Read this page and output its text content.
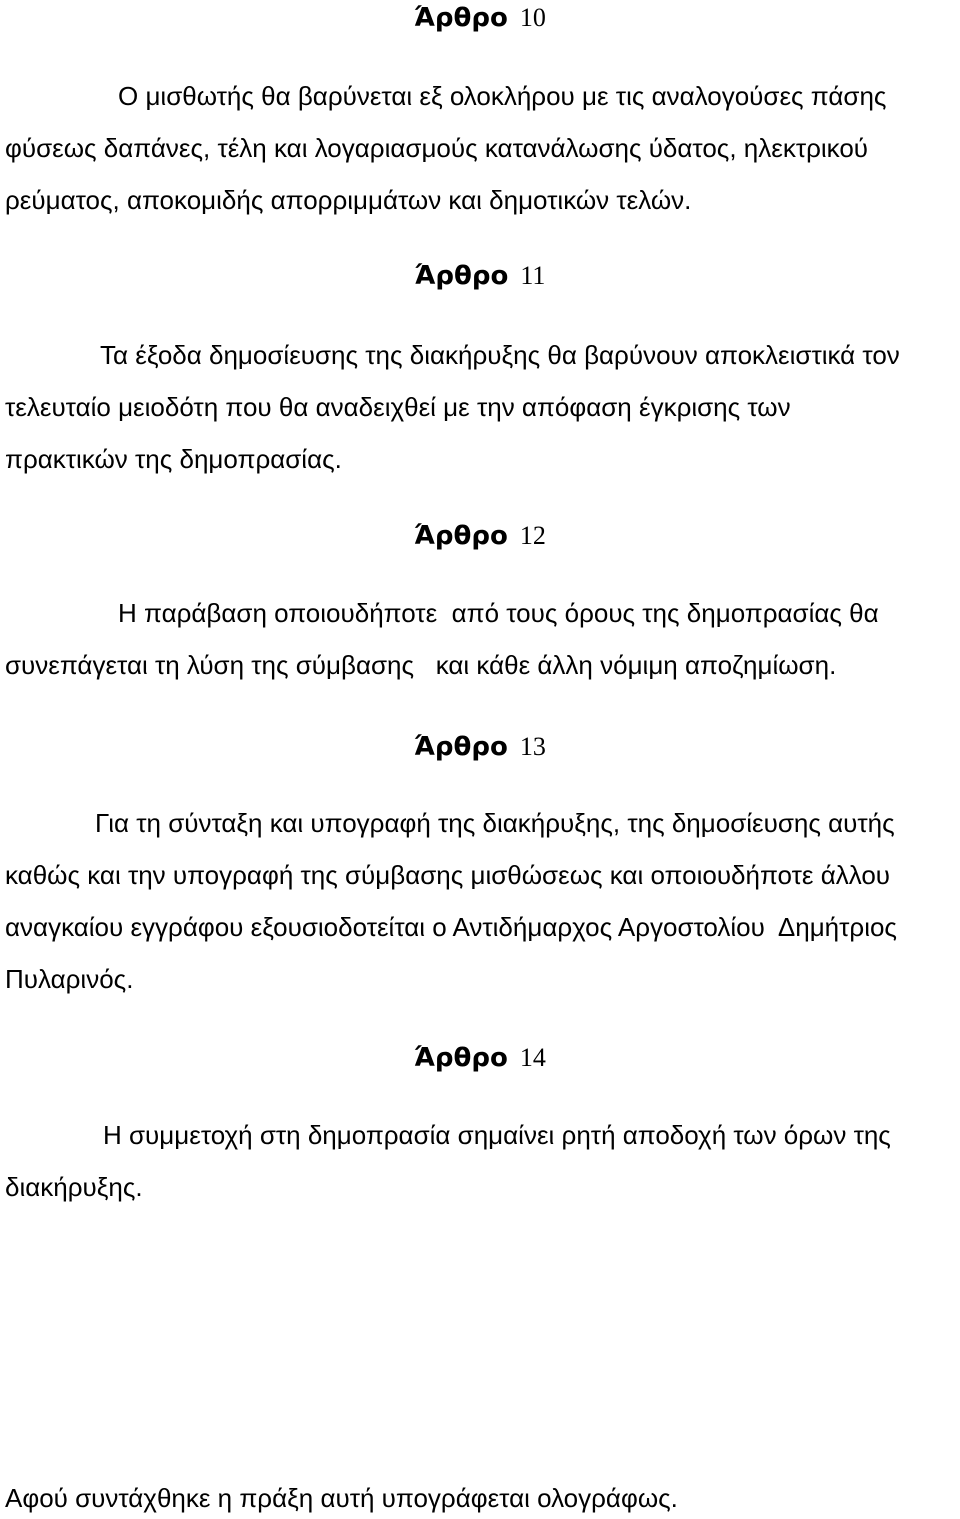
Άρθρο 10
Ο μισθωτής θα βαρύνεται εξ ολοκλήρου με τις αναλογούσες πάσης
φύσεως δαπάνες, τέλη και λογαριασμούς κατανάλωσης ύδατος, ηλεκτρικού
ρεύματος, αποκομιδής απορριμμάτων και δημοτικών τελών.
Άρθρο 11
Τα έξοδα δημοσίευσης της διακήρυξης θα βαρύνουν αποκλειστικά τον
τελευταίο μειοδότη που θα αναδειχθεί με την απόφαση έγκρισης των
πρακτικών της δημοπρασίας.
Άρθρο 12
Η παράβαση οποιουδήποτε  από τους όρους της δημοπρασίας θα
συνεπάγεται τη λύση της σύμβασης   και κάθε άλλη νόμιμη αποζημίωση.
Άρθρο 13
Για τη σύνταξη και υπογραφή της διακήρυξης, της δημοσίευσης αυτής
καθώς και την υπογραφή της σύμβασης μισθώσεως και οποιουδήποτε άλλου
αναγκαίου εγγράφου εξουσιοδοτείται ο Αντιδήμαρχος Αργοστολίου  Δημήτριος
Πυλαρινός.
Άρθρο 14
Η συμμετοχή στη δημοπρασία σημαίνει ρητή αποδοχή των όρων της
διακήρυξης.
Αφού συντάχθηκε η πράξη αυτή υπογράφεται ολογράφως.
